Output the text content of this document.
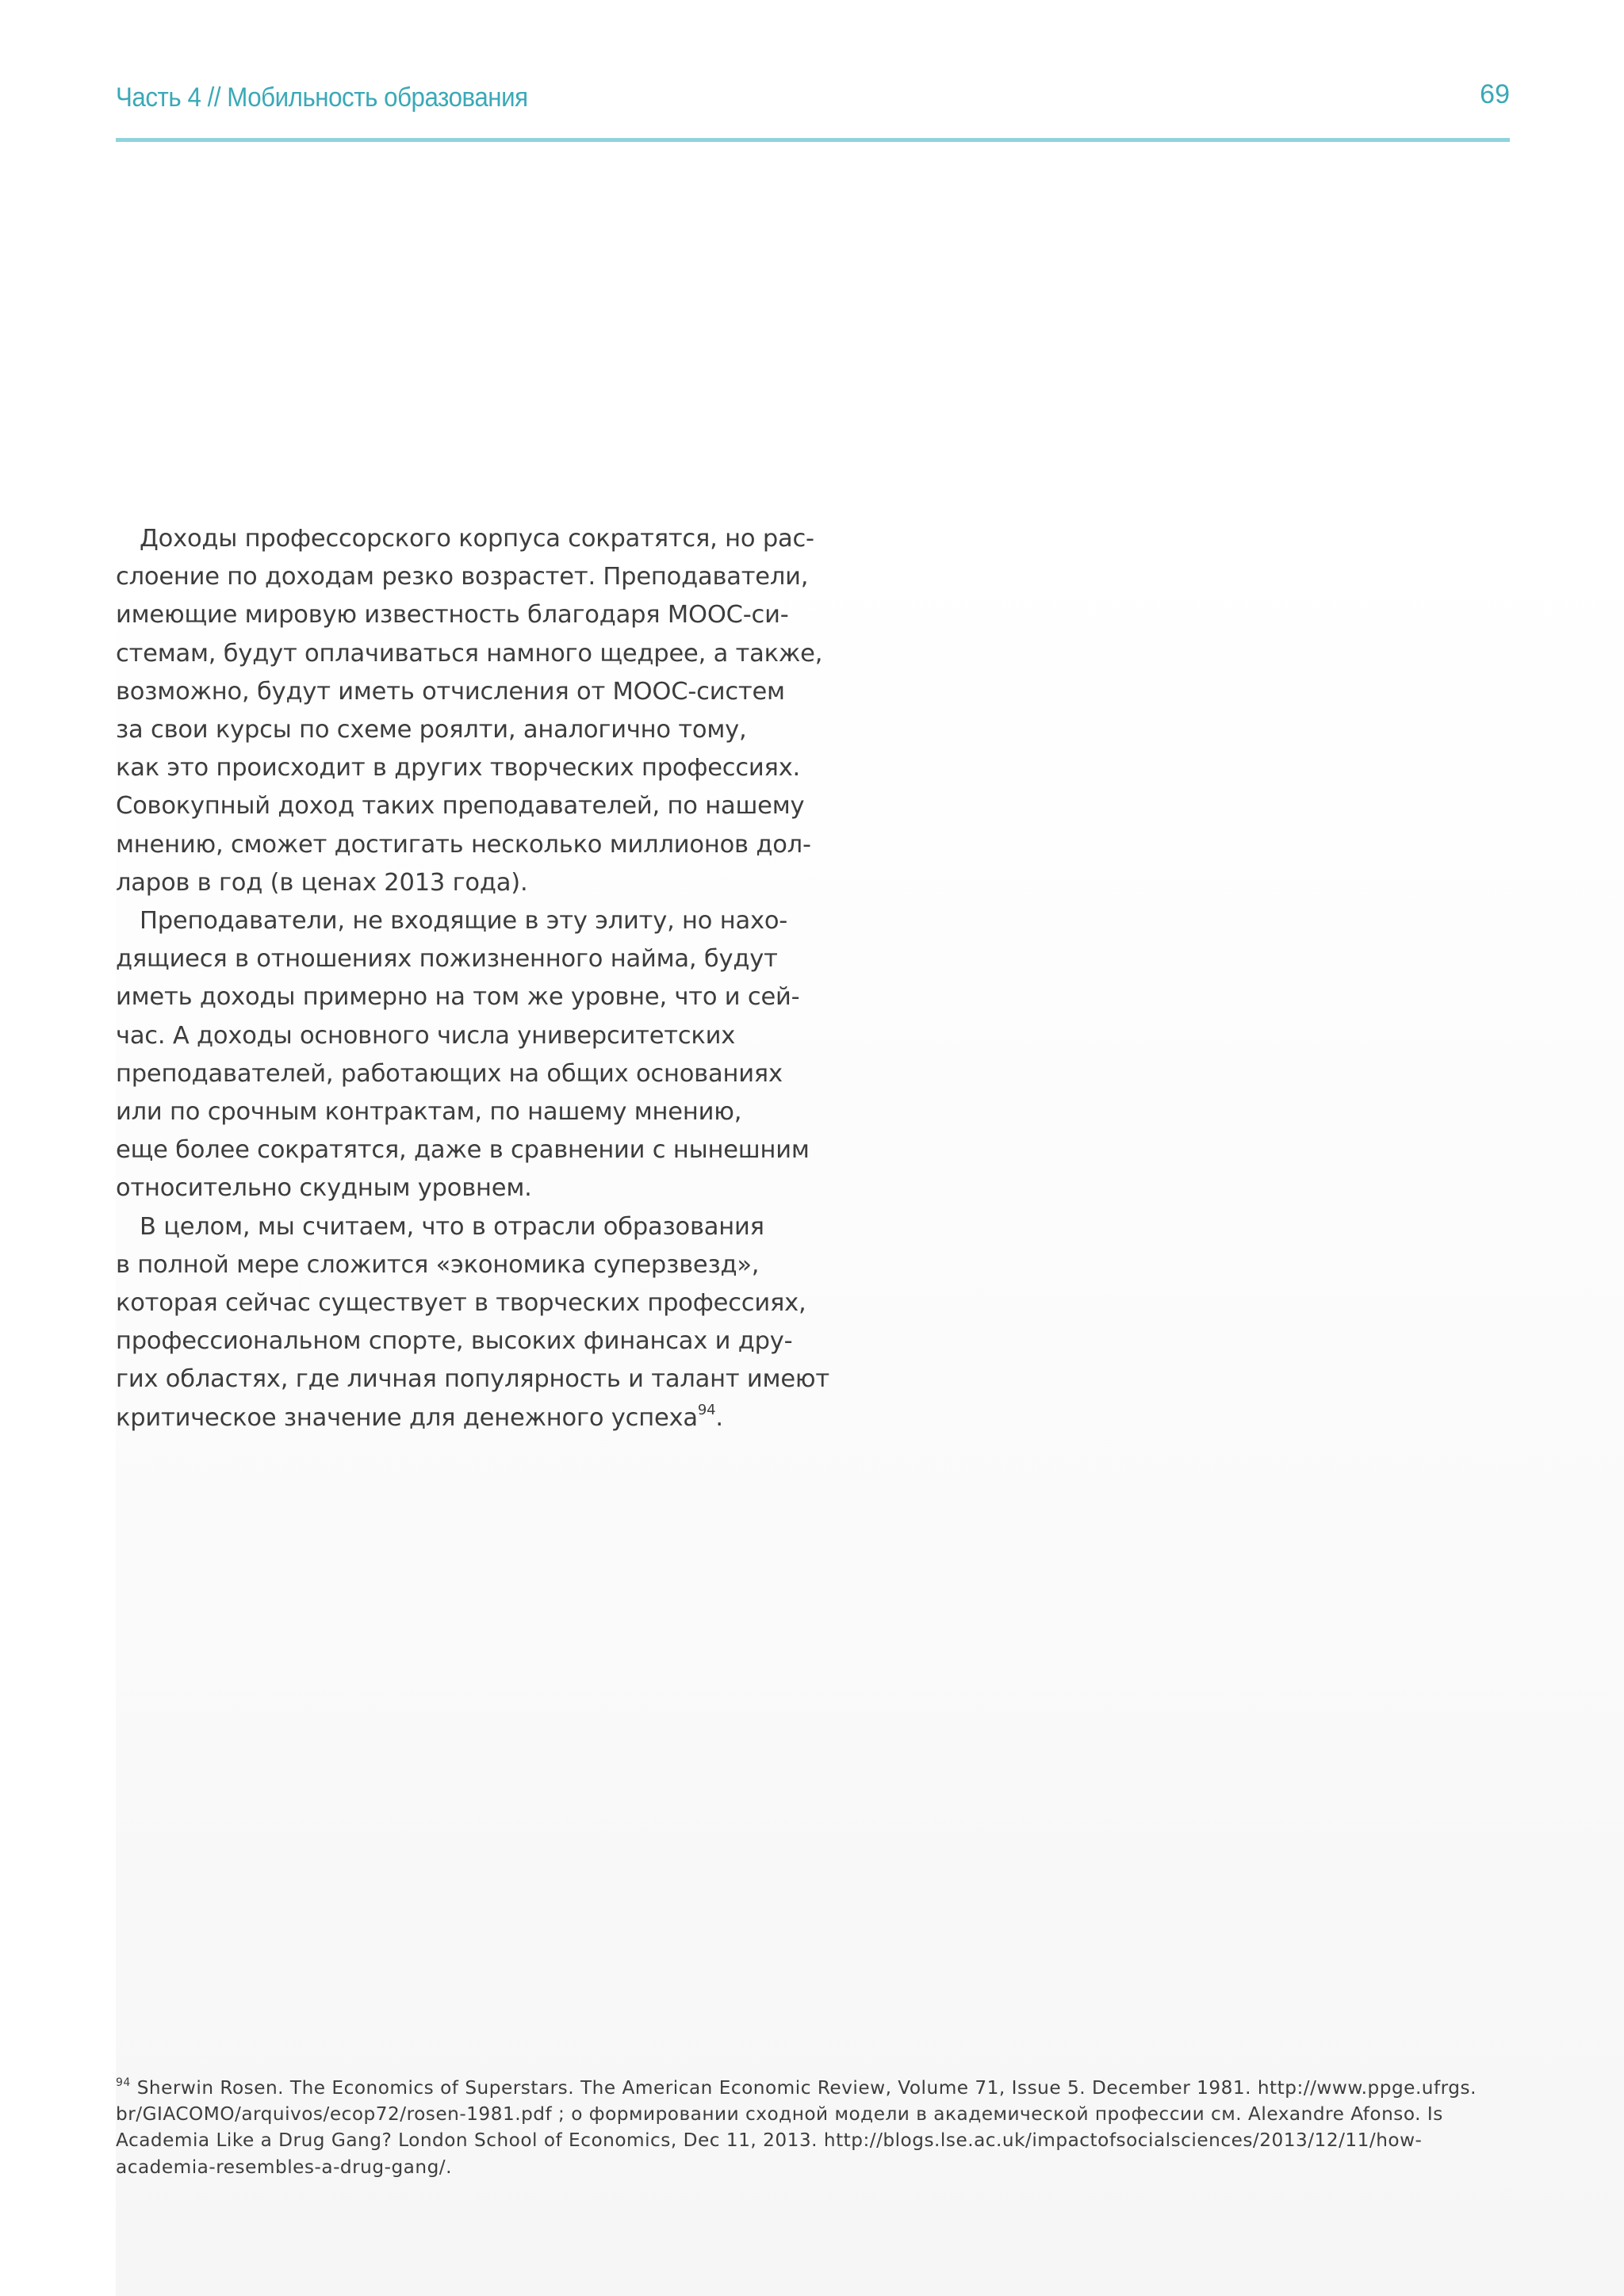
Часть 4 // Мобильность образования	69

Доходы профессорского корпуса сократятся, но рас-
слоение по доходам резко возрастет. Преподаватели,
имеющие мировую известность благодаря МООС-си-
стемам, будут оплачиваться намного щедрее, а также,
возможно, будут иметь отчисления от МООС-систем
за свои курсы по схеме роялти, аналогично тому,
как это происходит в других творческих профессиях.
Совокупный доход таких преподавателей, по нашему
мнению, сможет достигать несколько миллионов дол-
ларов в год (в ценах 2013 года).

Преподаватели, не входящие в эту элиту, но нахо-
дящиеся в отношениях пожизненного найма, будут
иметь доходы примерно на том же уровне, что и сей-
час. А доходы основного числа университетских
преподавателей, работающих на общих основаниях
или по срочным контрактам, по нашему мнению,
еще более сократятся, даже в сравнении с нынешним
относительно скудным уровнем.

В целом, мы считаем, что в отрасли образования
в полной мере сложится «экономика суперзвезд»,
которая сейчас существует в творческих профессиях,
профессиональном спорте, высоких финансах и дру-
гих областях, где личная популярность и талант имеют
критическое значение для денежного успеха$^{94}$.

$^{94}$ Sherwin Rosen. The Economics of Superstars. The American Economic Review, Volume 71, Issue 5. December 1981. http://www.ppge.ufrgs.
br/GIACOMO/arquivos/ecop72/rosen-1981.pdf ; о формировании сходной модели в академической профессии см. Alexandre Afonso. Is
Academia Like a Drug Gang? London School of Economics, Dec 11, 2013. http://blogs.lse.ac.uk/impactofsocialsciences/2013/12/11/how-
academia-resembles-a-drug-gang/.
